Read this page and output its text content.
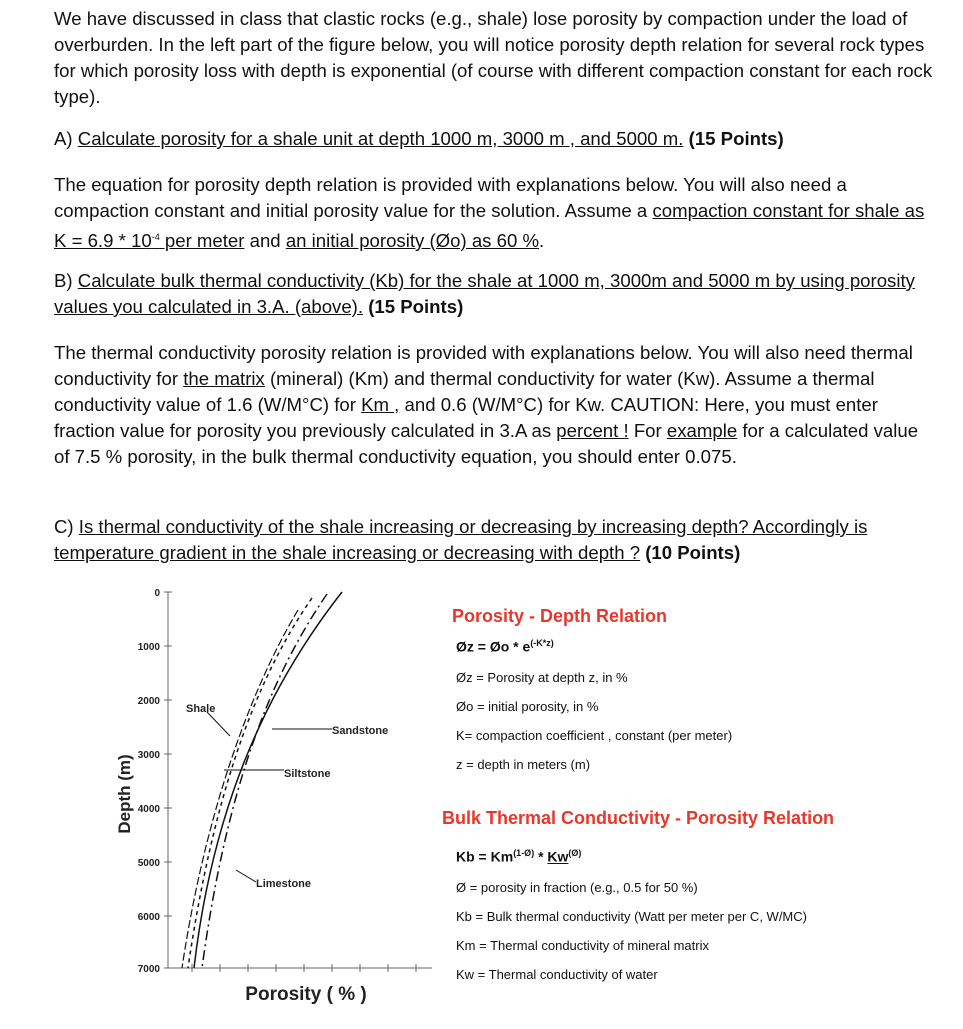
We have discussed in class that clastic rocks (e.g., shale) lose porosity by compaction under the load of overburden. In the left part of the figure below, you will notice porosity depth relation for several rock types for which porosity loss with depth is exponential (of course with different compaction constant for each rock type).

A) Calculate porosity for a shale unit at depth 1000 m, 3000 m , and 5000 m. (15 Points)

The equation for porosity depth relation is provided with explanations below. You will also need a compaction constant and initial porosity value for the solution. Assume a compaction constant for shale as $K = 6.9 * 10^{-4}$ per meter and an initial porosity (Øo) as 60 %.

B) Calculate bulk thermal conductivity (Kb) for the shale at 1000 m, 3000m and 5000 m by using porosity values you calculated in 3.A. (above). (15 Points)

The thermal conductivity porosity relation is provided with explanations below. You will also need thermal conductivity for the matrix (mineral) (Km) and thermal conductivity for water (Kw). Assume a thermal conductivity value of 1.6 (W/M°C) for Km , and 0.6 (W/M°C) for Kw. CAUTION: Here, you must enter fraction value for porosity you previously calculated in 3.A as percent ! For example for a calculated value of 7.5 % porosity, in the bulk thermal conductivity equation, you should enter 0.075.

C) Is thermal conductivity of the shale increasing or decreasing by increasing depth? Accordingly is temperature gradient in the shale increasing or decreasing with depth ? (10 Points)

0
1000
2000
3000
4000
5000
6000
7000
Depth (m)
Shale
Sandstone
Siltstone
Limestone
Porosity ( % )

Porosity - Depth Relation

Øz = Øo * $e^{(-K*z)}$

Øz = Porosity at depth z, in %

Øo = initial porosity, in %

K= compaction coefficient , constant (per meter)

z = depth in meters (m)

Bulk Thermal Conductivity - Porosity Relation

$Kb = Km^{(1-Ø)} * Kw^{(Ø)}$

Ø = porosity in fraction (e.g., 0.5 for 50 %)

Kb = Bulk thermal conductivity (Watt per meter per C, W/MC)

Km = Thermal conductivity of mineral matrix

Kw = Thermal conductivity of water
